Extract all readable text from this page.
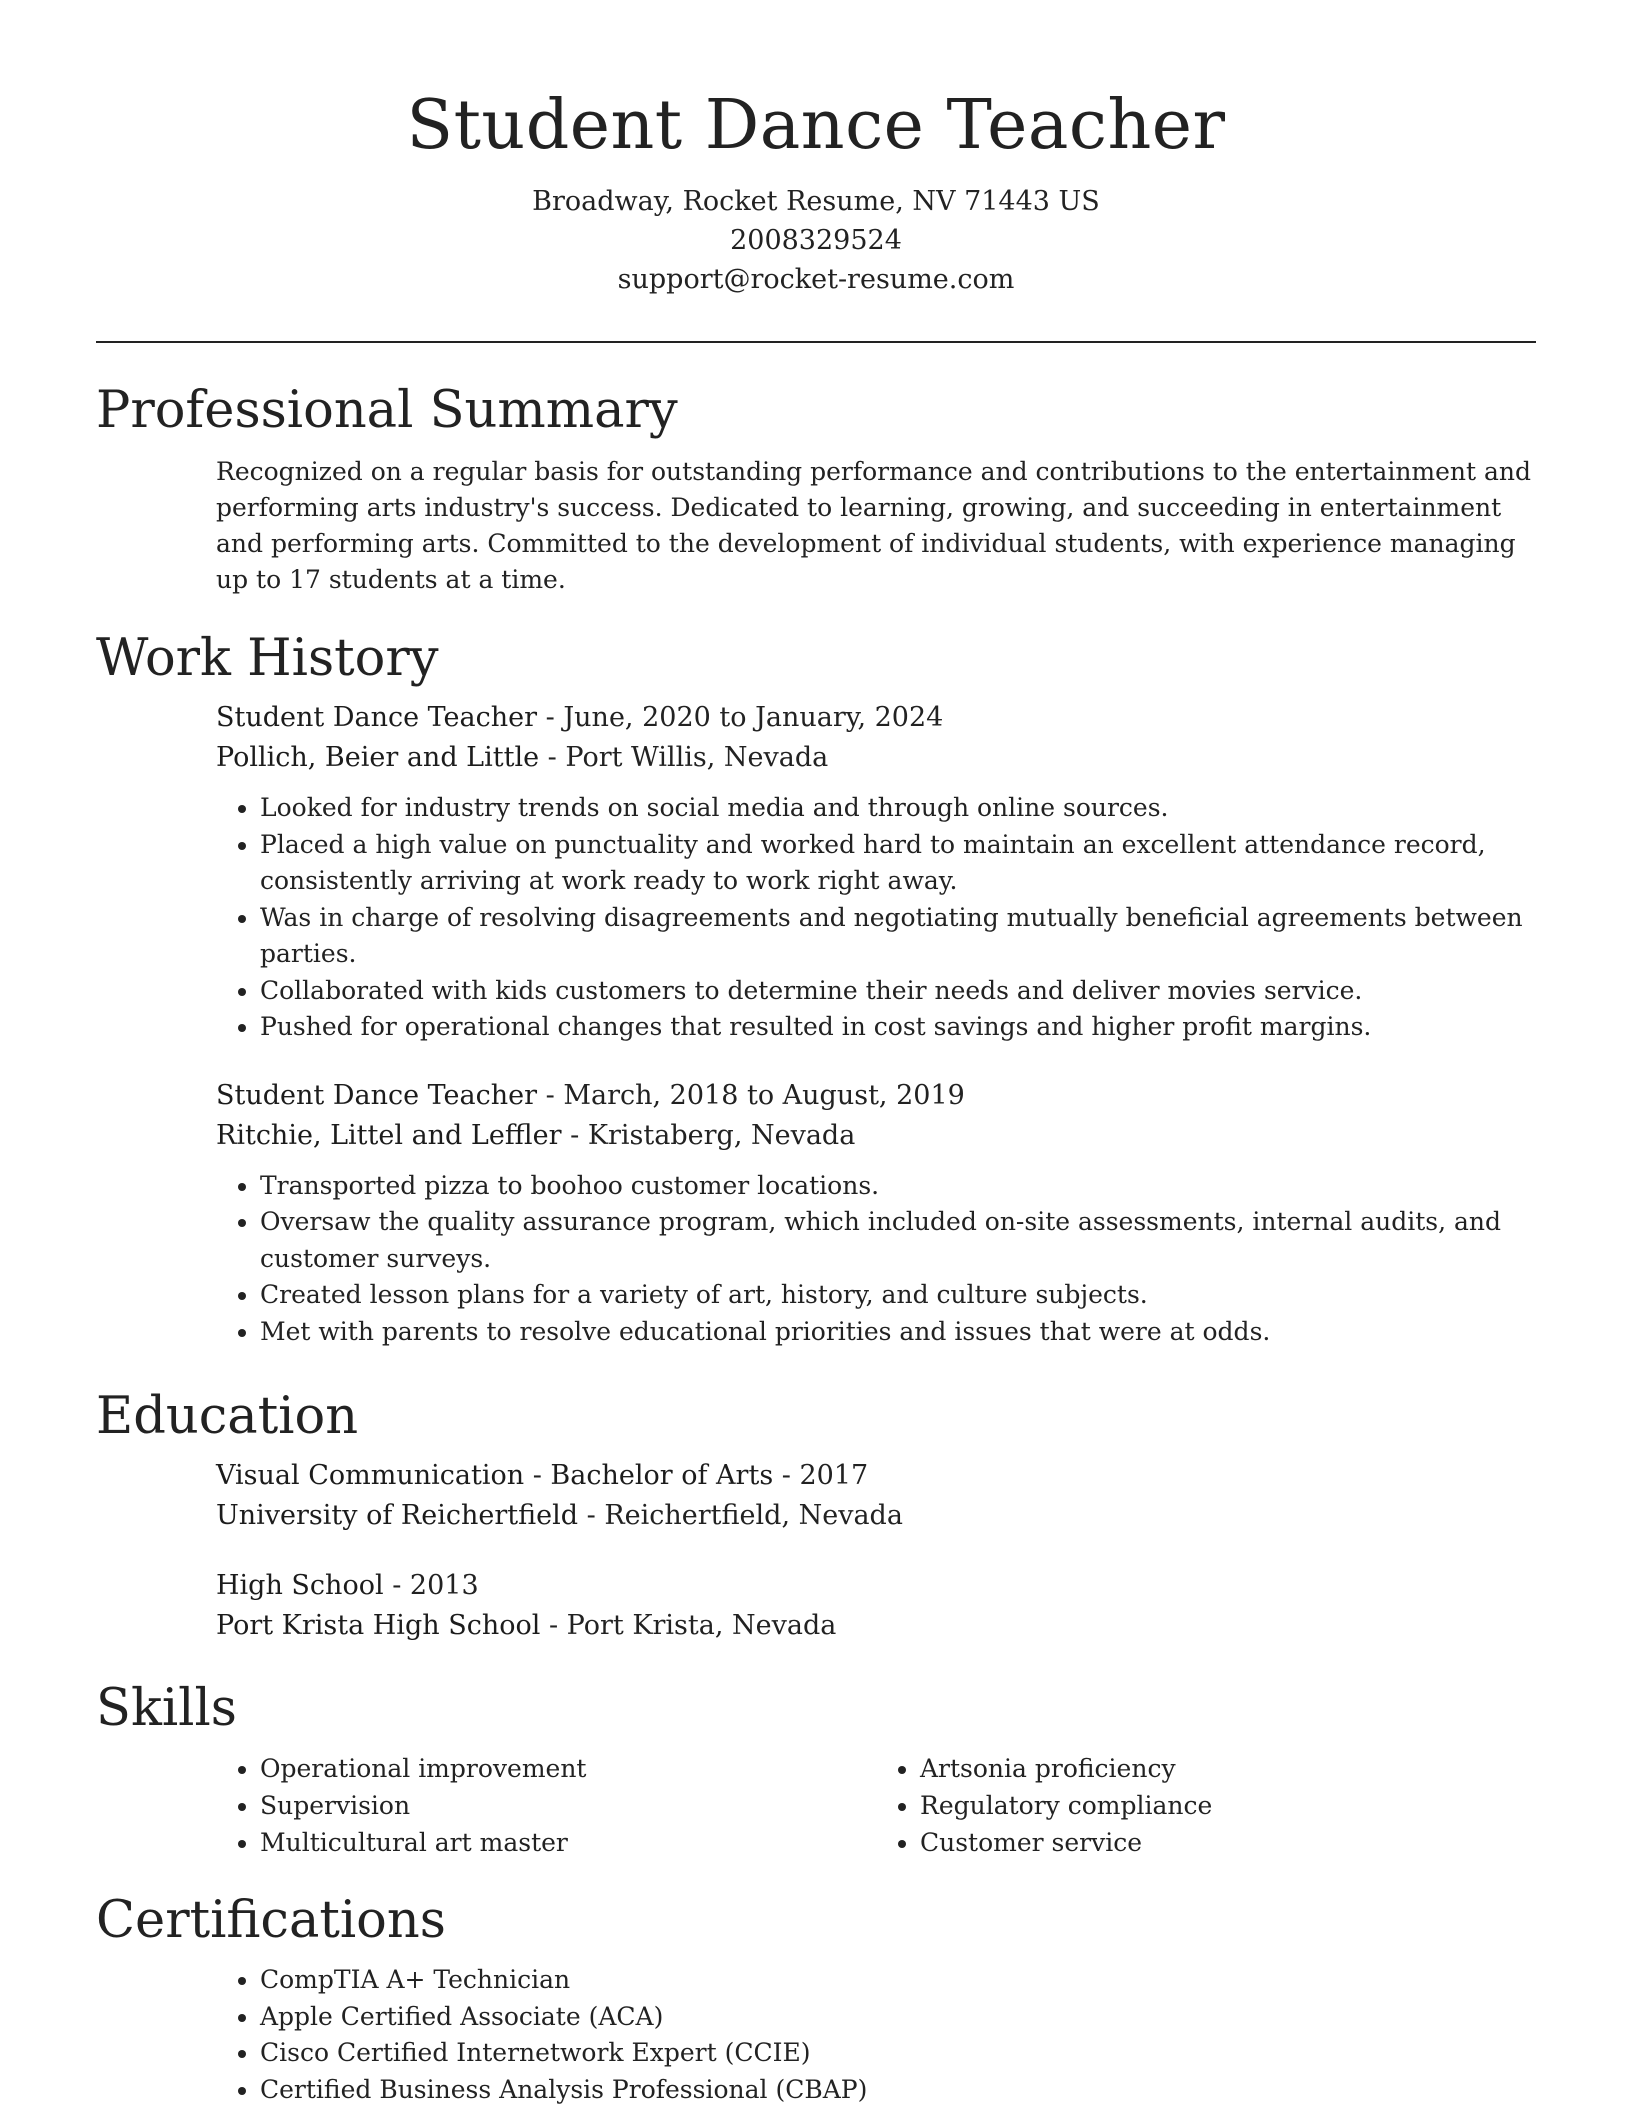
Student Dance Teacher
Broadway, Rocket Resume, NV 71443 US
2008329524
support@rocket-resume.com
Professional Summary
Recognized on a regular basis for outstanding performance and contributions to the entertainment and performing arts industry's success. Dedicated to learning, growing, and succeeding in entertainment and performing arts. Committed to the development of individual students, with experience managing up to 17 students at a time.
Work History
Student Dance Teacher - June, 2020 to January, 2024
Pollich, Beier and Little - Port Willis, Nevada
• Looked for industry trends on social media and through online sources.
• Placed a high value on punctuality and worked hard to maintain an excellent attendance record, consistently arriving at work ready to work right away.
• Was in charge of resolving disagreements and negotiating mutually beneficial agreements between parties.
• Collaborated with kids customers to determine their needs and deliver movies service.
• Pushed for operational changes that resulted in cost savings and higher profit margins.
Student Dance Teacher - March, 2018 to August, 2019
Ritchie, Littel and Leffler - Kristaberg, Nevada
• Transported pizza to boohoo customer locations.
• Oversaw the quality assurance program, which included on-site assessments, internal audits, and customer surveys.
• Created lesson plans for a variety of art, history, and culture subjects.
• Met with parents to resolve educational priorities and issues that were at odds.
Education
Visual Communication - Bachelor of Arts - 2017
University of Reichertfield - Reichertfield, Nevada
High School - 2013
Port Krista High School - Port Krista, Nevada
Skills
• Operational improvement
• Supervision
• Multicultural art master
• Artsonia proficiency
• Regulatory compliance
• Customer service
Certifications
• CompTIA A+ Technician
• Apple Certified Associate (ACA)
• Cisco Certified Internetwork Expert (CCIE)
• Certified Business Analysis Professional (CBAP)
